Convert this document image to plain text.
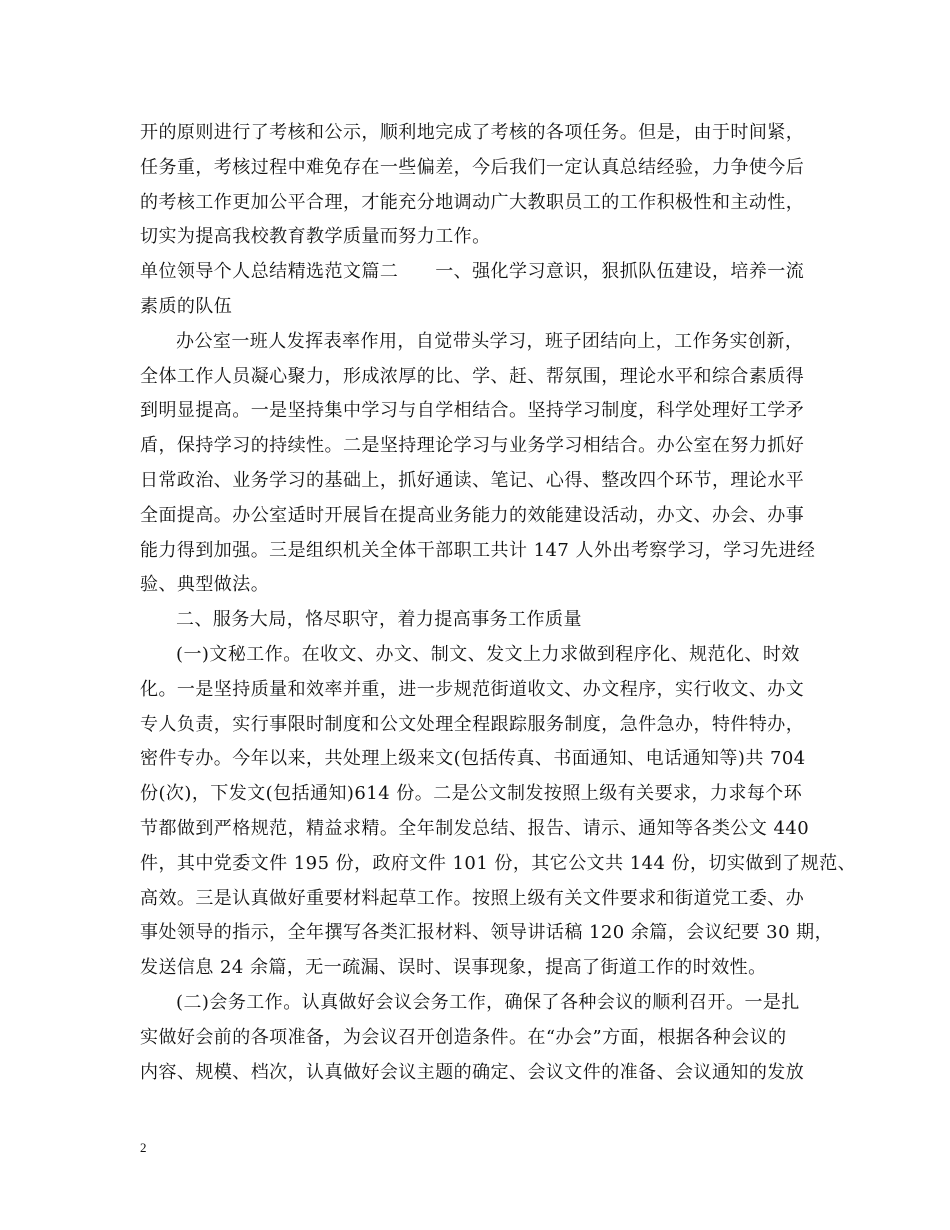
开的原则进行了考核和公示，顺利地完成了考核的各项任务。但是，由于时间紧，
任务重，考核过程中难免存在一些偏差，今后我们一定认真总结经验，力争使今后
的考核工作更加公平合理，才能充分地调动广大教职员工的工作积极性和主动性，
切实为提高我校教育教学质量而努力工作。
单位领导个人总结精选范文篇二　　一、强化学习意识，狠抓队伍建设，培养一流
素质的队伍
办公室一班人发挥表率作用，自觉带头学习，班子团结向上，工作务实创新，
全体工作人员凝心聚力，形成浓厚的比、学、赶、帮氛围，理论水平和综合素质得
到明显提高。一是坚持集中学习与自学相结合。坚持学习制度，科学处理好工学矛
盾，保持学习的持续性。二是坚持理论学习与业务学习相结合。办公室在努力抓好
日常政治、业务学习的基础上，抓好通读、笔记、心得、整改四个环节，理论水平
全面提高。办公室适时开展旨在提高业务能力的效能建设活动，办文、办会、办事
能力得到加强。三是组织机关全体干部职工共计 147 人外出考察学习，学习先进经
验、典型做法。
二、服务大局，恪尽职守，着力提高事务工作质量
(一)文秘工作。在收文、办文、制文、发文上力求做到程序化、规范化、时效
化。一是坚持质量和效率并重，进一步规范街道收文、办文程序，实行收文、办文
专人负责，实行事限时制度和公文处理全程跟踪服务制度，急件急办，特件特办，
密件专办。今年以来，共处理上级来文(包括传真、书面通知、电话通知等)共 704
份(次)，下发文(包括通知)614 份。二是公文制发按照上级有关要求，力求每个环
节都做到严格规范，精益求精。全年制发总结、报告、请示、通知等各类公文 440
件，其中党委文件 195 份，政府文件 101 份，其它公文共 144 份，切实做到了规范、
高效。三是认真做好重要材料起草工作。按照上级有关文件要求和街道党工委、办
事处领导的指示，全年撰写各类汇报材料、领导讲话稿 120 余篇，会议纪要 30 期，
发送信息 24 余篇，无一疏漏、误时、误事现象，提高了街道工作的时效性。
(二)会务工作。认真做好会议会务工作，确保了各种会议的顺利召开。一是扎
实做好会前的各项准备，为会议召开创造条件。在“办会”方面，根据各种会议的
内容、规模、档次，认真做好会议主题的确定、会议文件的准备、会议通知的发放
2
